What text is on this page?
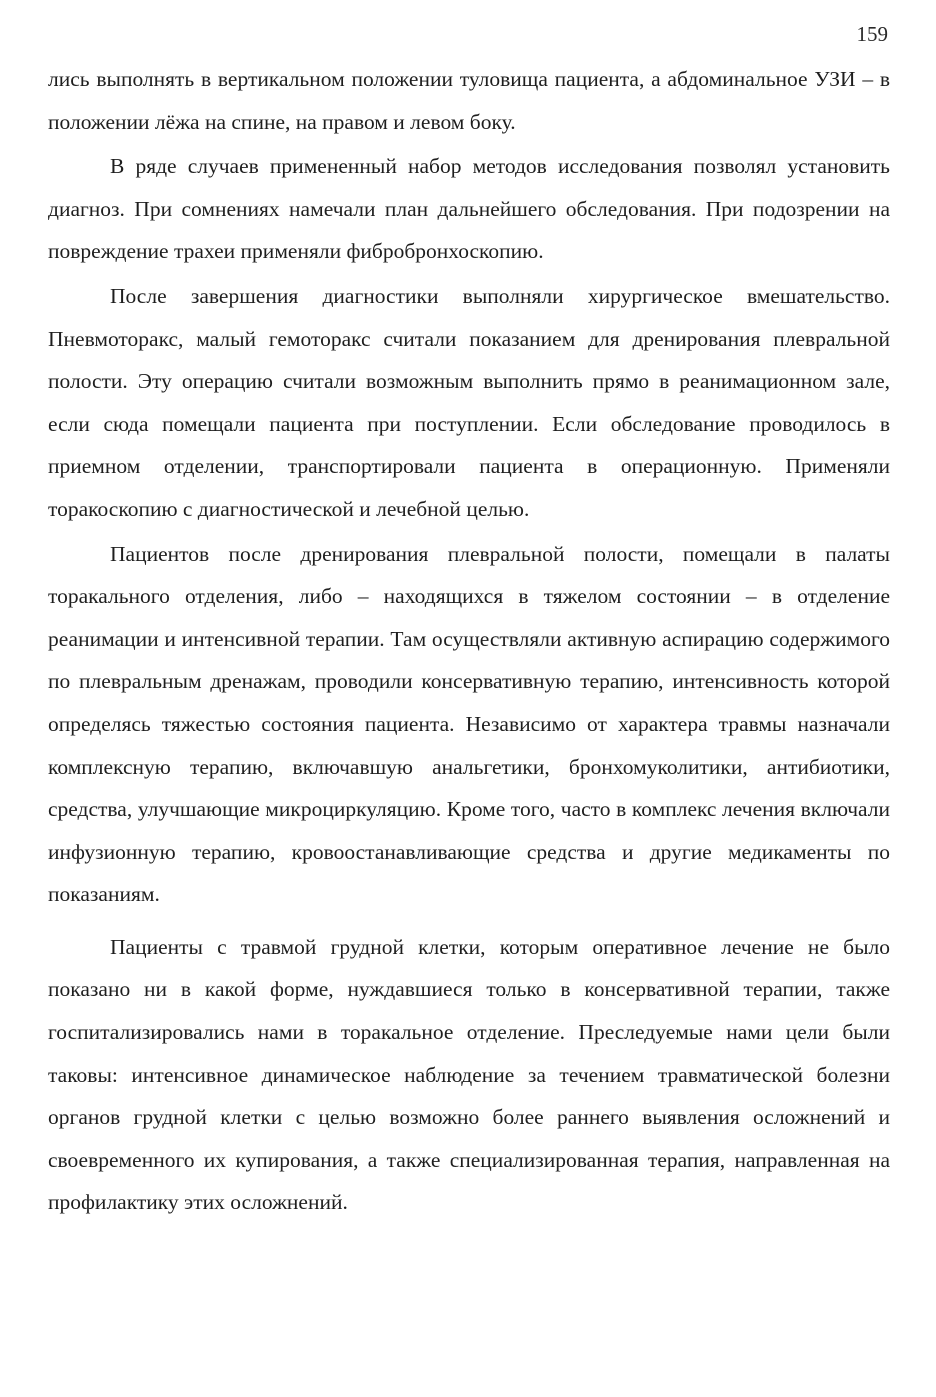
159

лись выполнять в вертикальном положении туловища пациента, а абдоминальное УЗИ – в положении лёжа на спине, на правом и левом боку.

В ряде случаев примененный набор методов исследования позволял установить диагноз. При сомнениях намечали план дальнейшего обследования. При подозрении на повреждение трахеи применяли фибробронхоскопию.

После завершения диагностики выполняли хирургическое вмешательство. Пневмоторакс, малый гемоторакс считали показанием для дренирования плевральной полости. Эту операцию считали возможным выполнить прямо в реанимационном зале, если сюда помещали пациента при поступлении. Если обследование проводилось в приемном отделении, транспортировали пациента в операционную. Применяли торакоскопию с диагностической и лечебной целью.

Пациентов после дренирования плевральной полости, помещали в палаты торакального отделения, либо – находящихся в тяжелом состоянии – в отделение реанимации и интенсивной терапии. Там осуществляли активную аспирацию содержимого по плевральным дренажам, проводили консервативную терапию, интенсивность которой определясь тяжестью состояния пациента. Независимо от характера травмы назначали комплексную терапию, включавшую анальгетики, бронхомуколитики, антибиотики, средства, улучшающие микроциркуляцию. Кроме того, часто в комплекс лечения включали инфузионную терапию, кровоостанавливающие средства и другие медикаменты по показаниям.

Пациенты с травмой грудной клетки, которым оперативное лечение не было показано ни в какой форме, нуждавшиеся только в консервативной терапии, также госпитализировались нами в торакальное отделение. Преследуемые нами цели были таковы: интенсивное динамическое наблюдение за течением травматической болезни органов грудной клетки с целью возможно более раннего выявления осложнений и своевременного их купирования, а также специализированная терапия, направленная на профилактику этих осложнений.
